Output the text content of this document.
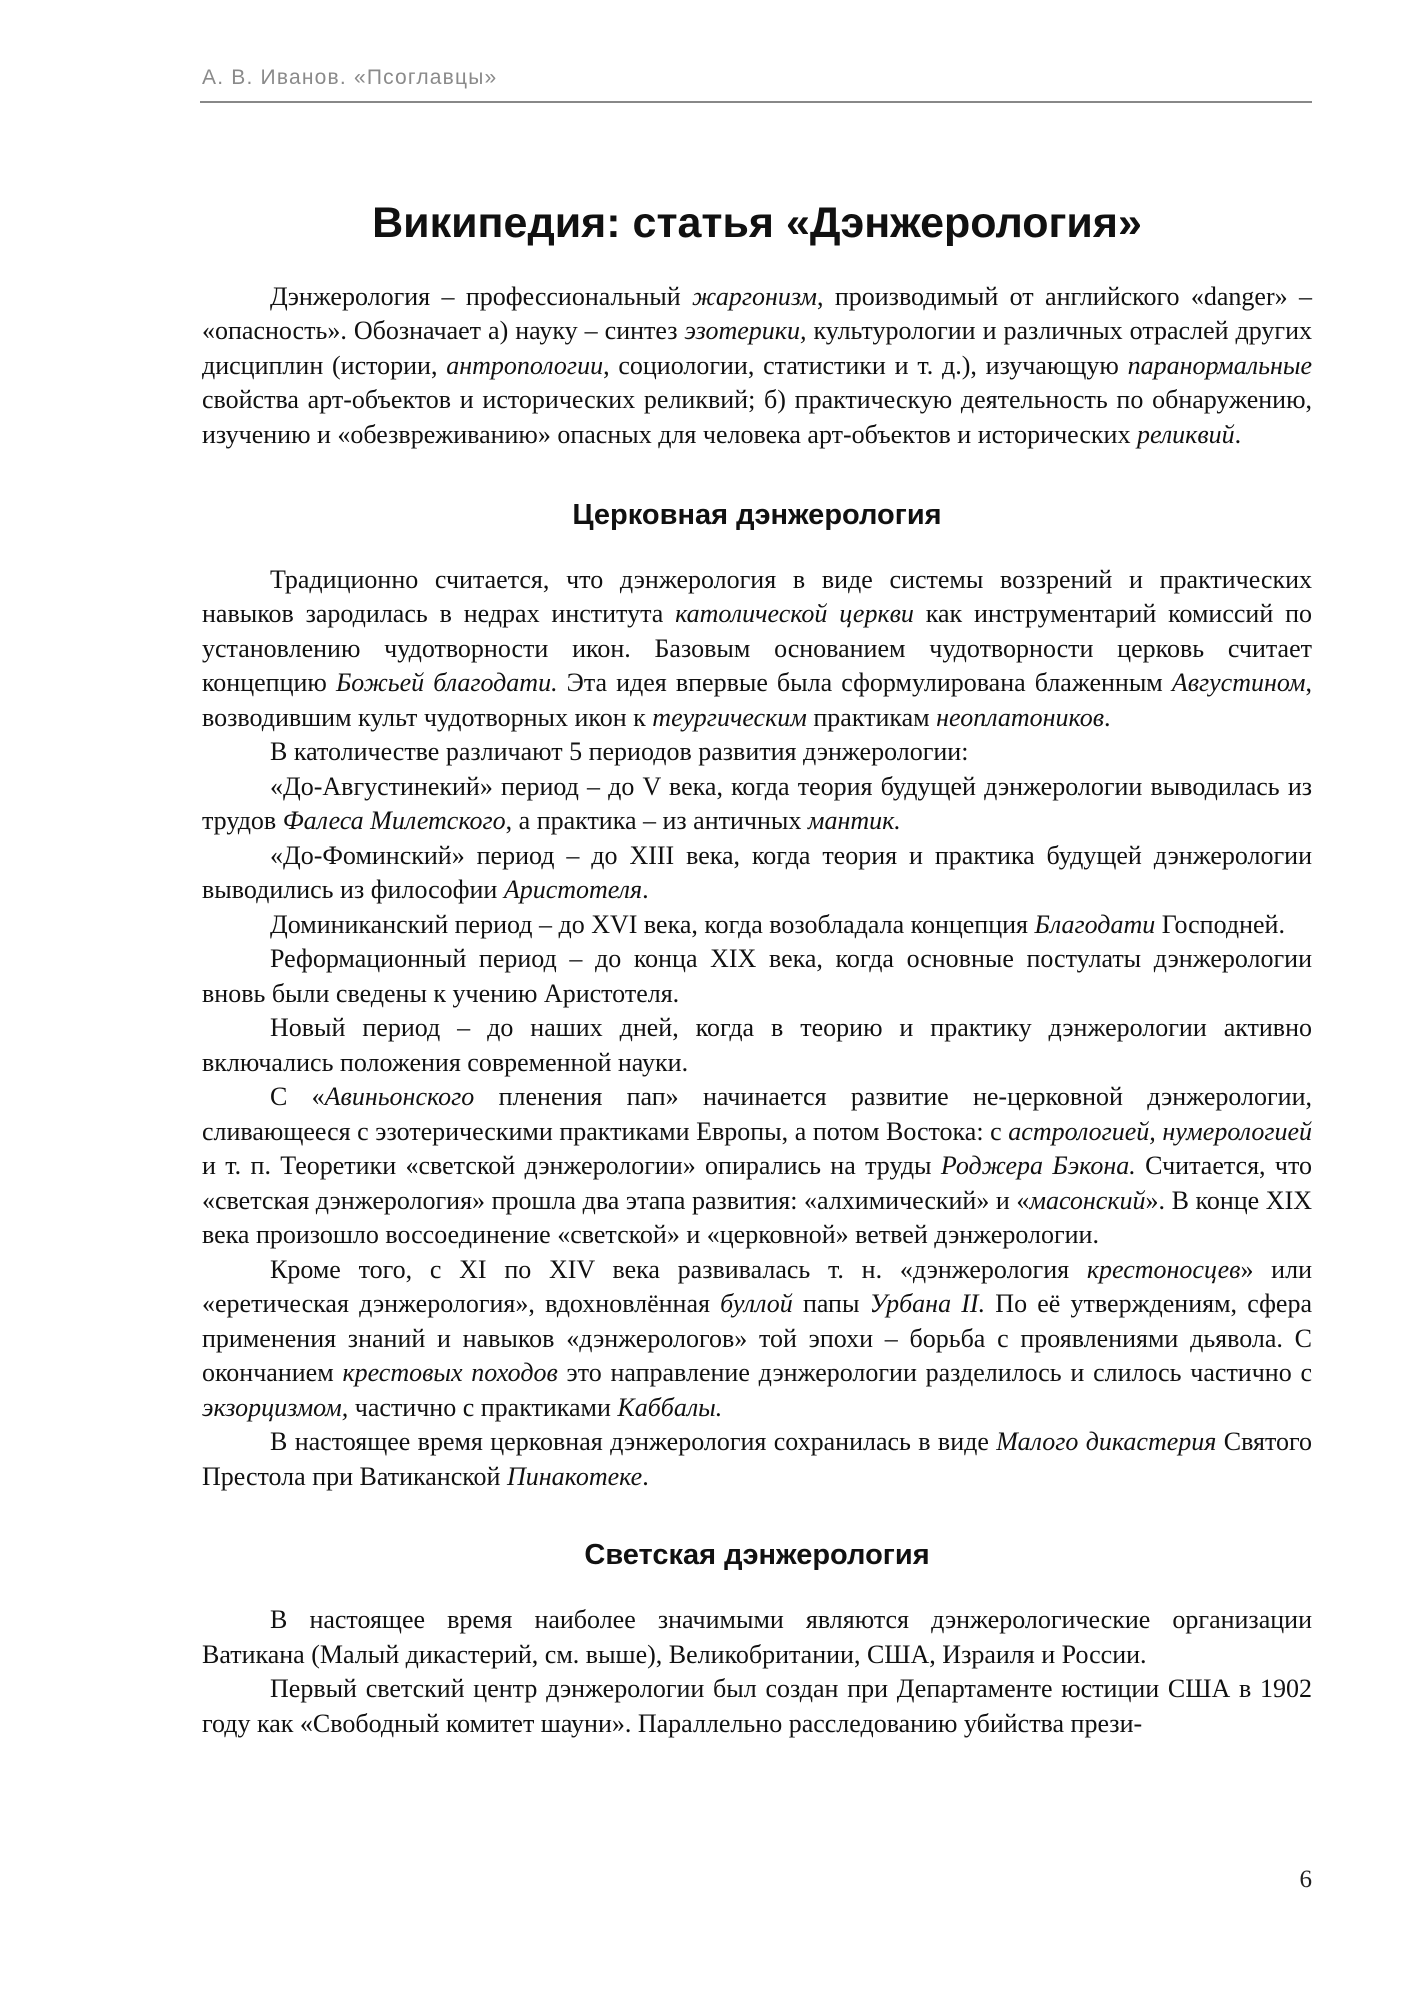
А. В. Иванов. «Псоглавцы»
Википедия: статья «Дэнжерология»

Дэнжерология – профессиональный жаргонизм, производимый от английского «danger» – «опасность». Обозначает а) науку – синтез эзотерики, культурологии и различных отраслей других дисциплин (истории, антропологии, социологии, статистики и т. д.), изучающую паранормальные свойства арт-объектов и исторических реликвий; б) практическую деятельность по обнаружению, изучению и «обезвреживанию» опасных для человека арт-объектов и исторических реликвий.

Церковная дэнжерология

Традиционно считается, что дэнжерология в виде системы воззрений и практических навыков зародилась в недрах института католической церкви как инструментарий комиссий по установлению чудотворности икон. Базовым основанием чудотворности церковь считает концепцию Божьей благодати. Эта идея впервые была сформулирована блаженным Августином, возводившим культ чудотворных икон к теургическим практикам неоплатоников.

В католичестве различают 5 периодов развития дэнжерологии:

«До-Августинекий» период – до V века, когда теория будущей дэнжерологии выводилась из трудов Фалеса Милетского, а практика – из античных мантик.

«До-Фоминский» период – до XIII века, когда теория и практика будущей дэнжерологии выводились из философии Аристотеля.

Доминиканский период – до XVI века, когда возобладала концепция Благодати Господней.

Реформационный период – до конца XIX века, когда основные постулаты дэнжерологии вновь были сведены к учению Аристотеля.

Новый период – до наших дней, когда в теорию и практику дэнжерологии активно включались положения современной науки.

С «Авиньонского пленения пап» начинается развитие не-церковной дэнжерологии, сливающееся с эзотерическими практиками Европы, а потом Востока: с астрологией, нумерологией и т. п. Теоретики «светской дэнжерологии» опирались на труды Роджера Бэкона. Считается, что «светская дэнжерология» прошла два этапа развития: «алхимический» и «масонский». В конце XIX века произошло воссоединение «светской» и «церковной» ветвей дэнжерологии.

Кроме того, с XI по XIV века развивалась т. н. «дэнжерология крестоносцев» или «еретическая дэнжерология», вдохновлённая буллой папы Урбана II. По её утверждениям, сфера применения знаний и навыков «дэнжерологов» той эпохи – борьба с проявлениями дьявола. С окончанием крестовых походов это направление дэнжерологии разделилось и слилось частично с экзорцизмом, частично с практиками Каббалы.

В настоящее время церковная дэнжерология сохранилась в виде Малого дикастерия Святого Престола при Ватиканской Пинакотеке.

Светская дэнжерология

В настоящее время наиболее значимыми являются дэнжерологические организации Ватикана (Малый дикастерий, см. выше), Великобритании, США, Израиля и России.

Первый светский центр дэнжерологии был создан при Департаменте юстиции США в 1902 году как «Свободный комитет шауни». Параллельно расследованию убийства прези-

6
